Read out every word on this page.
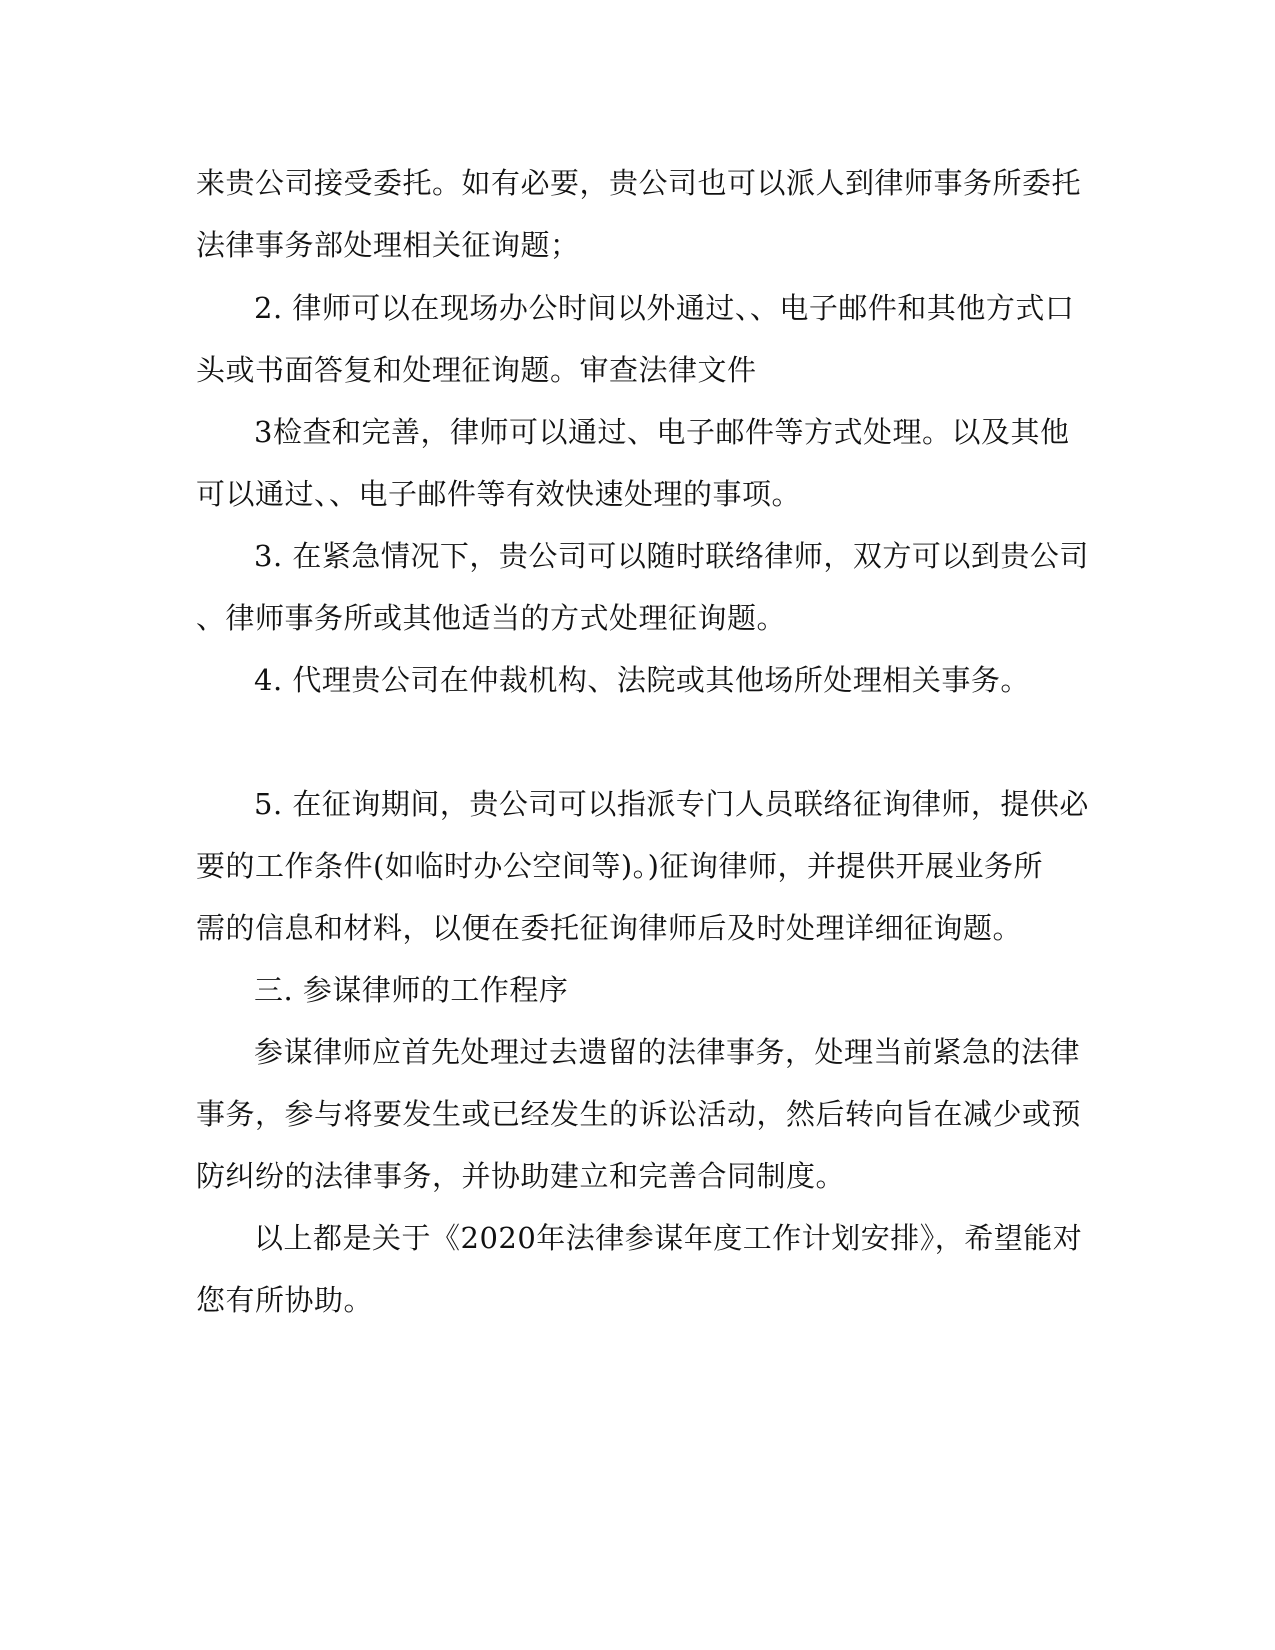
来贵公司接受委托。如有必要，贵公司也可以派人到律师事务所委托
法律事务部处理相关征询题；
2. 律师可以在现场办公时间以外通过、、电子邮件和其他方式口
头或书面答复和处理征询题。审查法律文件
3检查和完善，律师可以通过、电子邮件等方式处理。以及其他
可以通过、、电子邮件等有效快速处理的事项。
3. 在紧急情况下，贵公司可以随时联络律师，双方可以到贵公司
、律师事务所或其他适当的方式处理征询题。
4. 代理贵公司在仲裁机构、法院或其他场所处理相关事务。
5. 在征询期间，贵公司可以指派专门人员联络征询律师，提供必
要的工作条件(如临时办公空间等)。)征询律师，并提供开展业务所
需的信息和材料，以便在委托征询律师后及时处理详细征询题。
三. 参谋律师的工作程序
参谋律师应首先处理过去遗留的法律事务，处理当前紧急的法律
事务，参与将要发生或已经发生的诉讼活动，然后转向旨在减少或预
防纠纷的法律事务，并协助建立和完善合同制度。
以上都是关于《2020年法律参谋年度工作计划安排》，希望能对
您有所协助。
